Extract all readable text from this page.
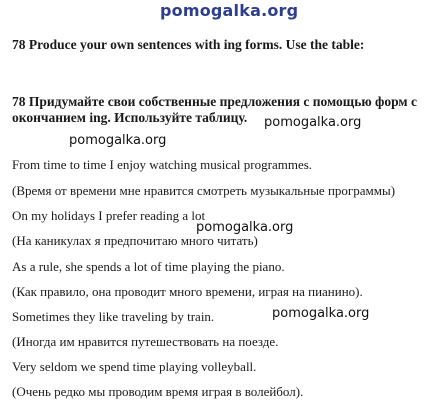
pomogalka.org
78 Produce your own sentences with ing forms. Use the table:
78 Придумайте свои собственные предложения с помощью форм с
окончанием ing. Используйте таблицу. pomogalka.org
pomogalka.org
From time to time I enjoy watching musical programmes.
(Время от времени мне нравится смотреть музыкальные программы)
On my holidays I prefer reading a lot
(На каникулах я предпочитаю много читать)
pomogalka.org
As a rule, she spends a lot of time playing the piano.
(Как правило, она проводит много времени, играя на пианино).
Sometimes they like traveling by train.	pomogalka.org
(Иногда им нравится путешествовать на поезде.
Very seldom we spend time playing volleyball.
(Очень редко мы проводим время играя в волейбол).
